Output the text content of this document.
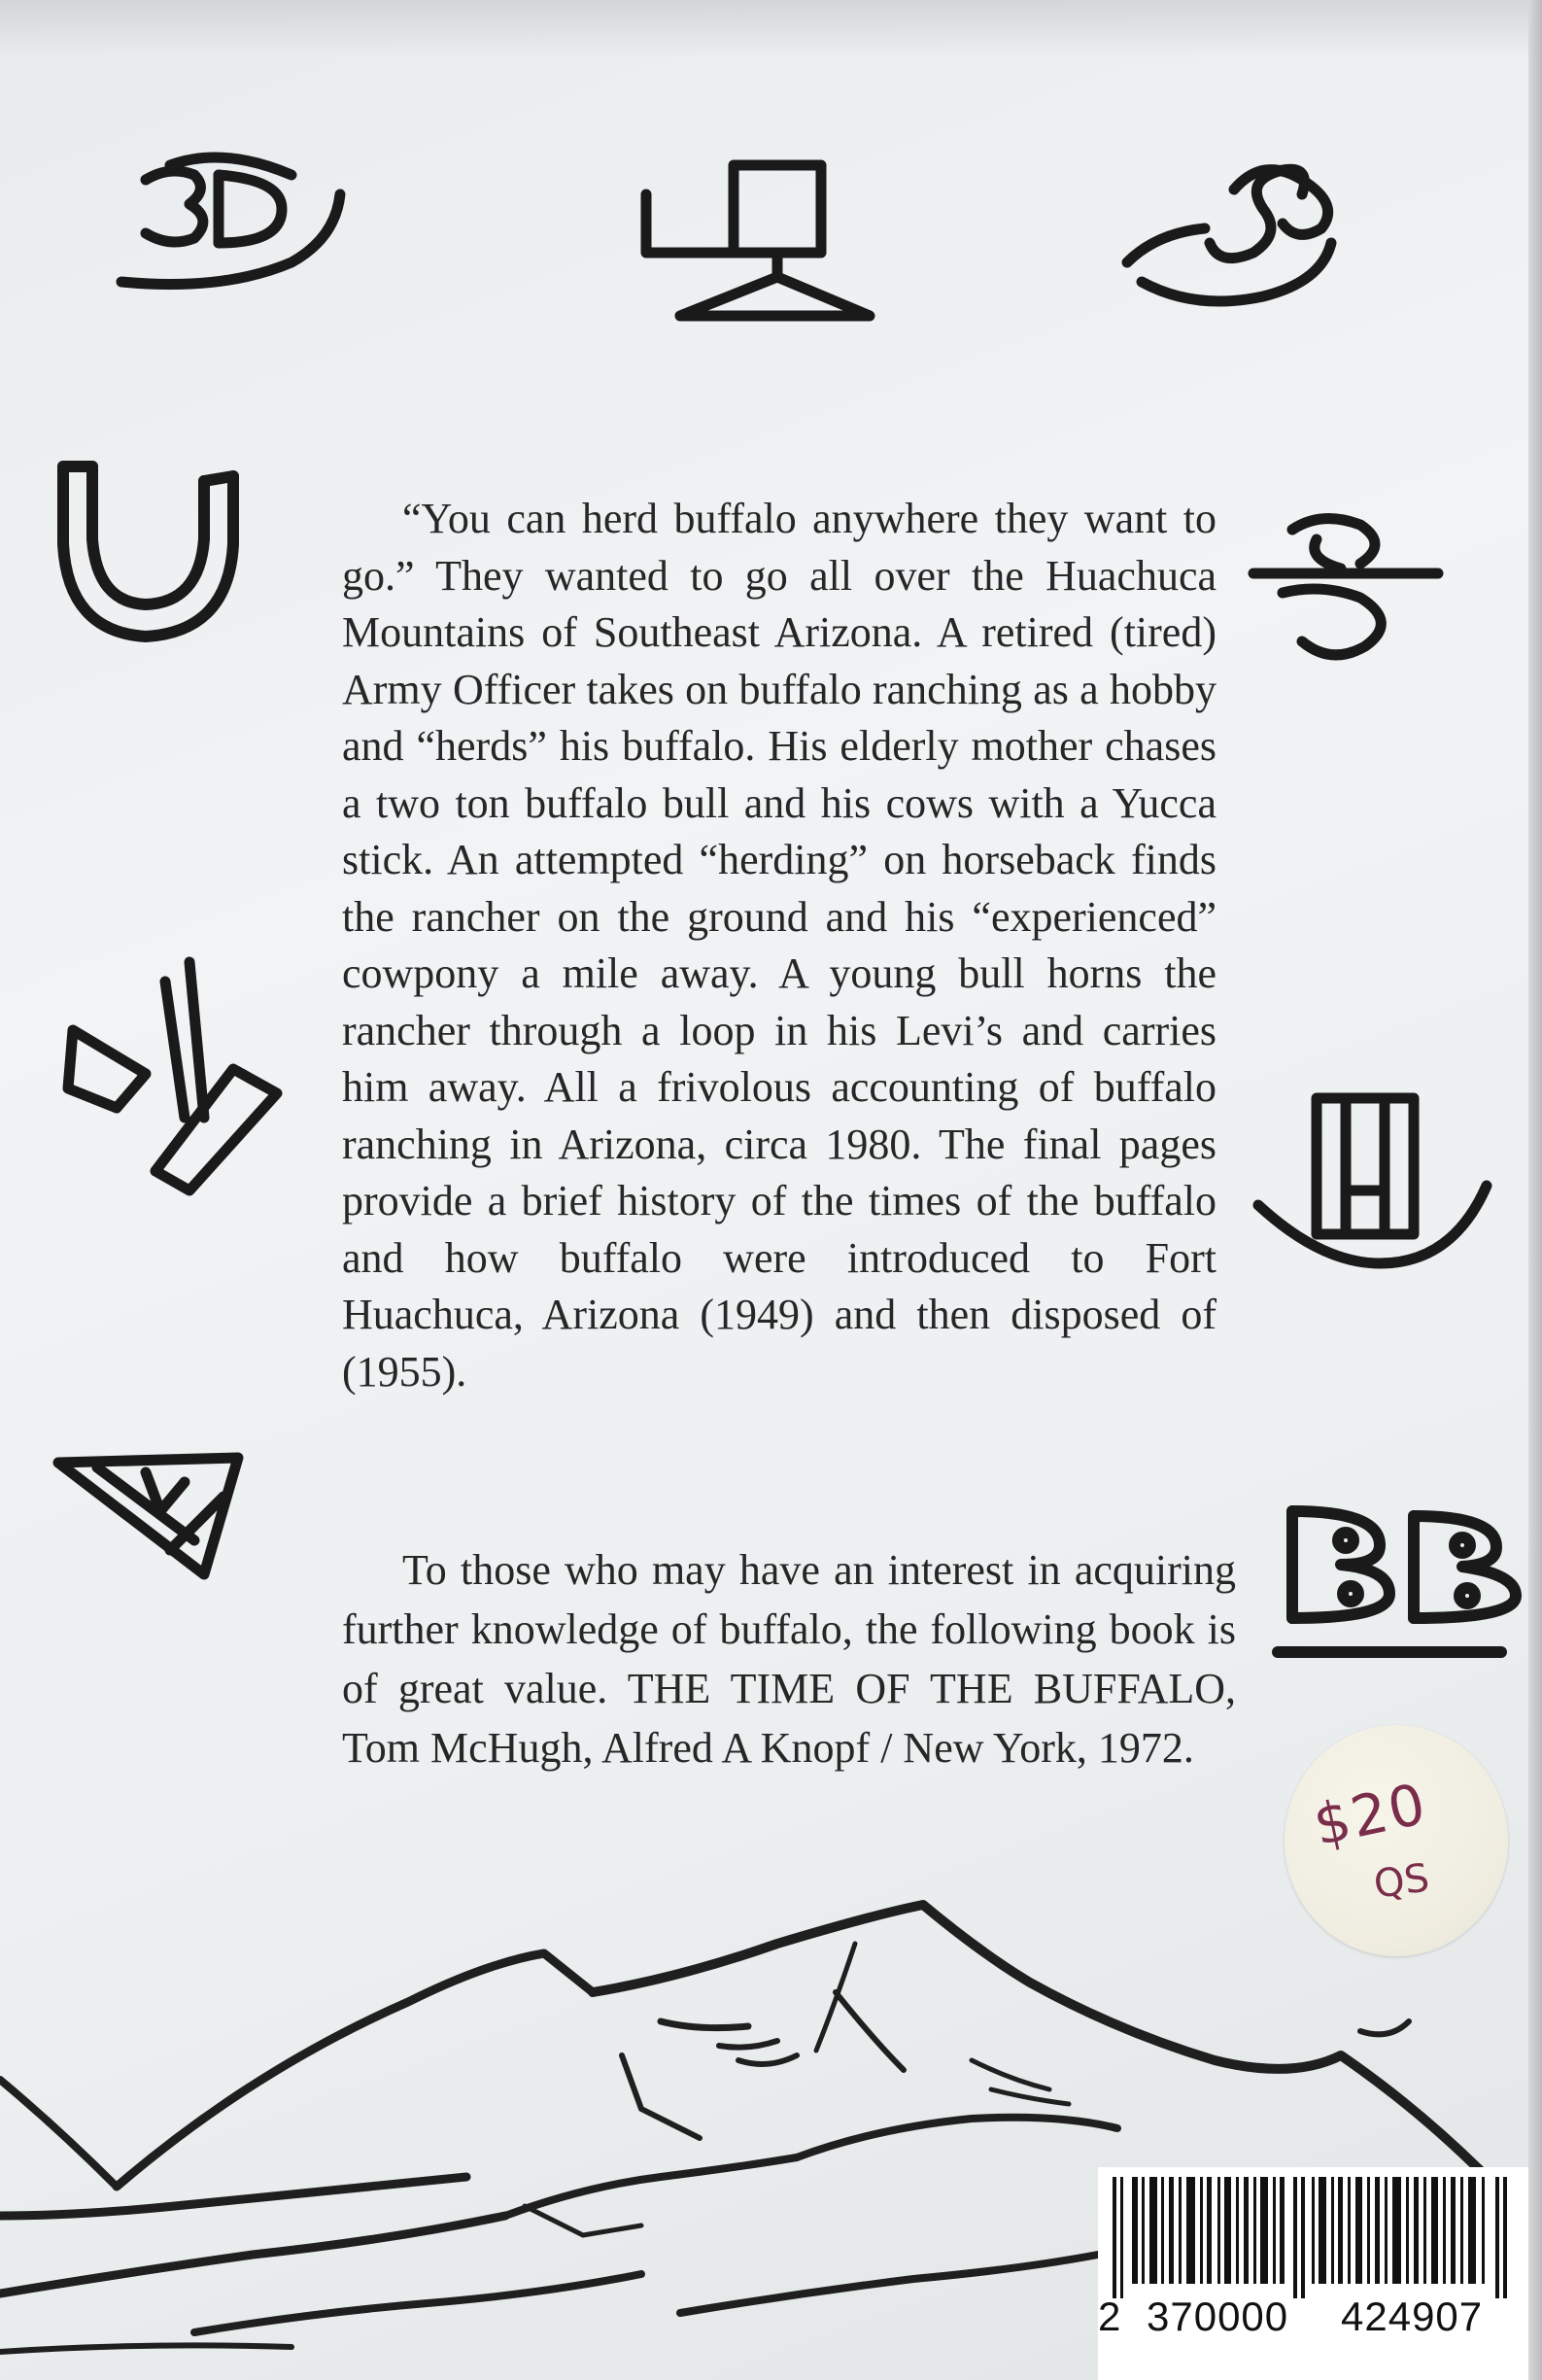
“You can herd buffalo anywhere they want to go.” They wanted to go all over the Huachuca Mountains of Southeast Arizona. A retired (tired) Army Officer takes on buffalo ranching as a hobby and “herds” his buffalo. His elderly mother chases a two ton buffalo bull and his cows with a Yucca stick. An attempted “herding” on horseback finds the rancher on the ground and his “experienced” cowpony a mile away. A young bull horns the rancher through a loop in his Levi’s and carries him away. All a frivolous accounting of buffalo ranching in Arizona, circa 1980. The final pages provide a brief history of the times of the buffalo and how buffalo were introduced to Fort Huachuca, Arizona (1949) and then disposed of (1955).

To those who may have an interest in acquiring further knowledge of buffalo, the following book is of great value. THE TIME OF THE BUFFALO, Tom McHugh, Alfred A Knopf / New York, 1972.

$20
QS
2 370000 424907
